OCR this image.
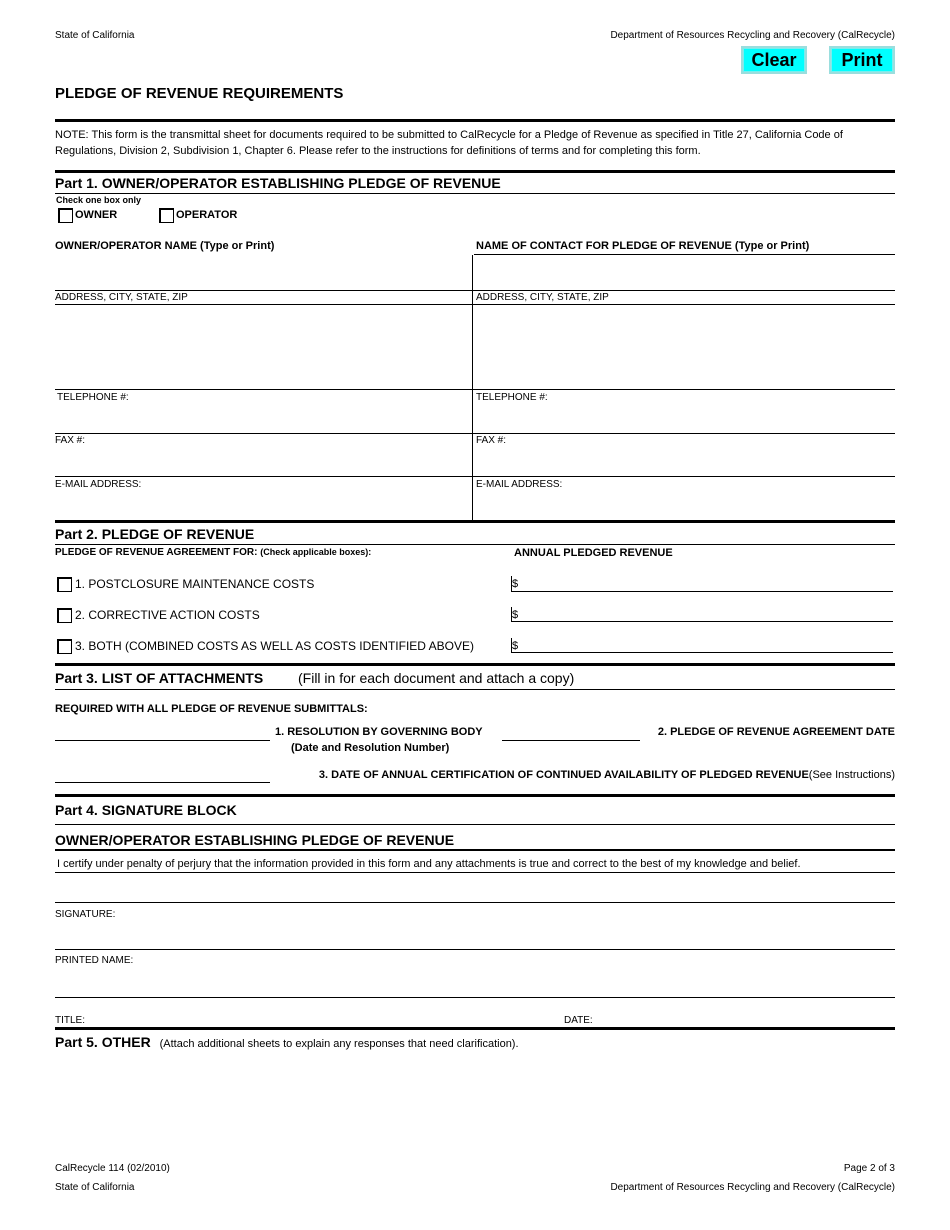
State of California	Department of Resources Recycling and Recovery (CalRecycle)
Clear	Print
PLEDGE OF REVENUE REQUIREMENTS
NOTE: This form is the transmittal sheet for documents required to be submitted to CalRecycle for a Pledge of Revenue as specified in Title 27, California Code of Regulations, Division 2, Subdivision 1, Chapter 6. Please refer to the instructions for definitions of terms and for completing this form.
Part 1. OWNER/OPERATOR ESTABLISHING PLEDGE OF REVENUE
Check one box only
OWNER	OPERATOR
OWNER/OPERATOR NAME (Type or Print)	NAME OF CONTACT FOR PLEDGE OF REVENUE (Type or Print)
ADDRESS, CITY, STATE, ZIP	ADDRESS, CITY, STATE, ZIP
TELEPHONE #:	TELEPHONE #:
FAX #:	FAX #:
E-MAIL ADDRESS:	E-MAIL ADDRESS:
Part 2. PLEDGE OF REVENUE
PLEDGE OF REVENUE AGREEMENT FOR: (Check applicable boxes):	ANNUAL PLEDGED REVENUE
1. POSTCLOSURE MAINTENANCE COSTS	$
2. CORRECTIVE ACTION COSTS	$
3. BOTH (COMBINED COSTS AS WELL AS COSTS IDENTIFIED ABOVE)	$
Part 3. LIST OF ATTACHMENTS (Fill in for each document and attach a copy)
REQUIRED WITH ALL PLEDGE OF REVENUE SUBMITTALS:
1. RESOLUTION BY GOVERNING BODY
(Date and Resolution Number)
2. PLEDGE OF REVENUE AGREEMENT DATE
3. DATE OF ANNUAL CERTIFICATION OF CONTINUED AVAILABILITY OF PLEDGED REVENUE(See Instructions)
Part 4. SIGNATURE BLOCK
OWNER/OPERATOR ESTABLISHING PLEDGE OF REVENUE
I certify under penalty of perjury that the information provided in this form and any attachments is true and correct to the best of my knowledge and belief.
SIGNATURE:
PRINTED NAME:
TITLE:	DATE:
Part 5. OTHER (Attach additional sheets to explain any responses that need clarification).
CalRecycle 114 (02/2010)	Page 2 of 3
State of California	Department of Resources Recycling and Recovery (CalRecycle)
